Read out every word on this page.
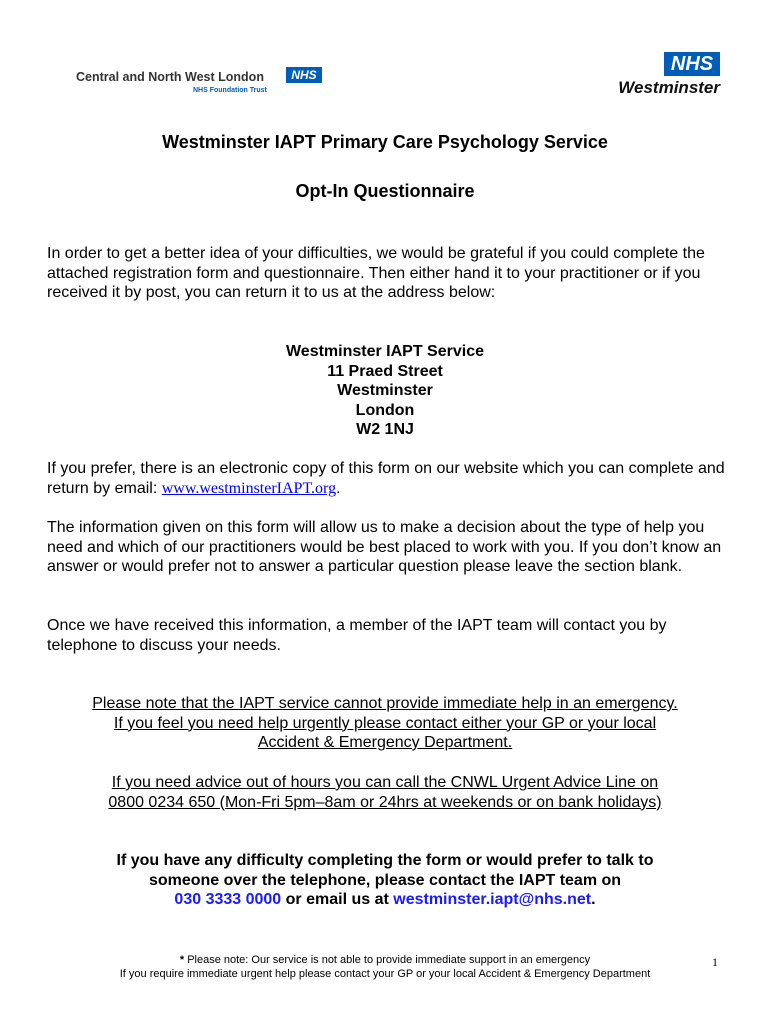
Central and North West London	NHS
NHS Foundation Trust
NHS
Westminster
Westminster IAPT Primary Care Psychology Service
Opt-In Questionnaire
In order to get a better idea of your difficulties, we would be grateful if you could complete the attached registration form and questionnaire. Then either hand it to your practitioner or if you received it by post, you can return it to us at the address below:
Westminster IAPT Service
11 Praed Street
Westminster
London
W2 1NJ
If you prefer, there is an electronic copy of this form on our website which you can complete and return by email: www.westminsterIAPT.org.
The information given on this form will allow us to make a decision about the type of help you need and which of our practitioners would be best placed to work with you. If you don’t know an answer or would prefer not to answer a particular question please leave the section blank.
Once we have received this information, a member of the IAPT team will contact you by telephone to discuss your needs.
Please note that the IAPT service cannot provide immediate help in an emergency.
If you feel you need help urgently please contact either your GP or your local
Accident & Emergency Department.
If you need advice out of hours you can call the CNWL Urgent Advice Line on
0800 0234 650 (Mon-Fri 5pm–8am or 24hrs at weekends or on bank holidays)
If you have any difficulty completing the form or would prefer to talk to
someone over the telephone, please contact the IAPT team on
030 3333 0000 or email us at westminster.iapt@nhs.net.
* Please note: Our service is not able to provide immediate support in an emergency
If you require immediate urgent help please contact your GP or your local Accident & Emergency Department
1
